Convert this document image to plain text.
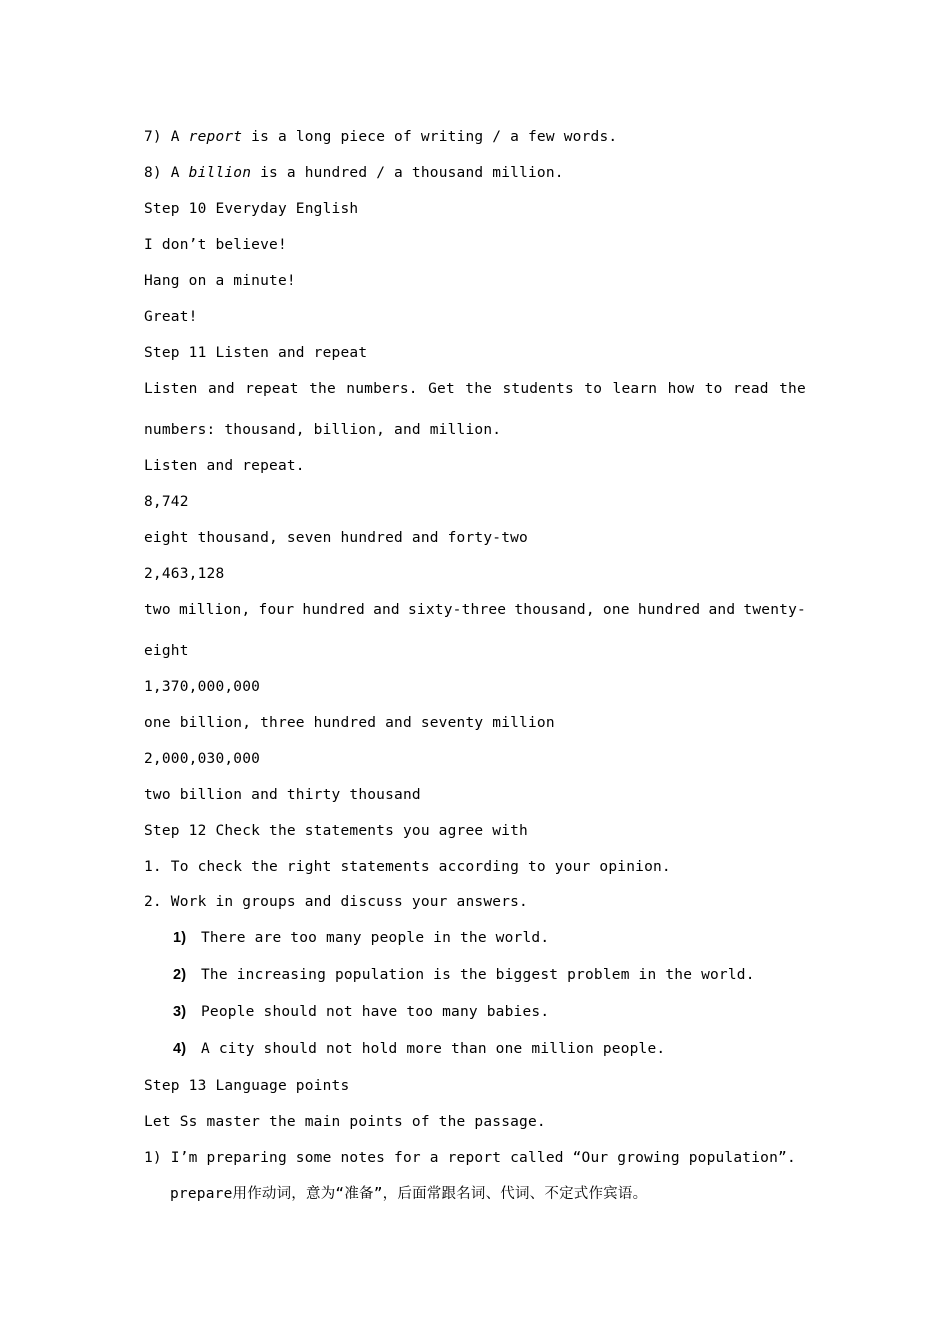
7) A report is a long piece of writing / a few words.
8) A billion is a hundred / a thousand million.
Step 10 Everyday English
I don’t believe!
Hang on a minute!
Great!
Step 11 Listen and repeat
Listen and repeat the numbers. Get the students to learn how to read the
numbers: thousand, billion, and million.
Listen and repeat.
8,742
eight thousand, seven hundred and forty-two
2,463,128
two million, four hundred and sixty-three thousand, one hundred and twenty-
eight
1,370,000,000
one billion, three hundred and seventy million
2,000,030,000
two billion and thirty thousand
Step 12 Check the statements you agree with
1. To check the right statements according to your opinion.
2. Work in groups and discuss your answers.
1) There are too many people in the world.
2) The increasing population is the biggest problem in the world.
3) People should not have too many babies.
4) A city should not hold more than one million people.
Step 13 Language points
Let Ss master the main points of the passage.
1) I’m preparing some notes for a report called “Our growing population”.
prepare用作动词，意为“准备”，后面常跟名词、代词、不定式作宾语。
